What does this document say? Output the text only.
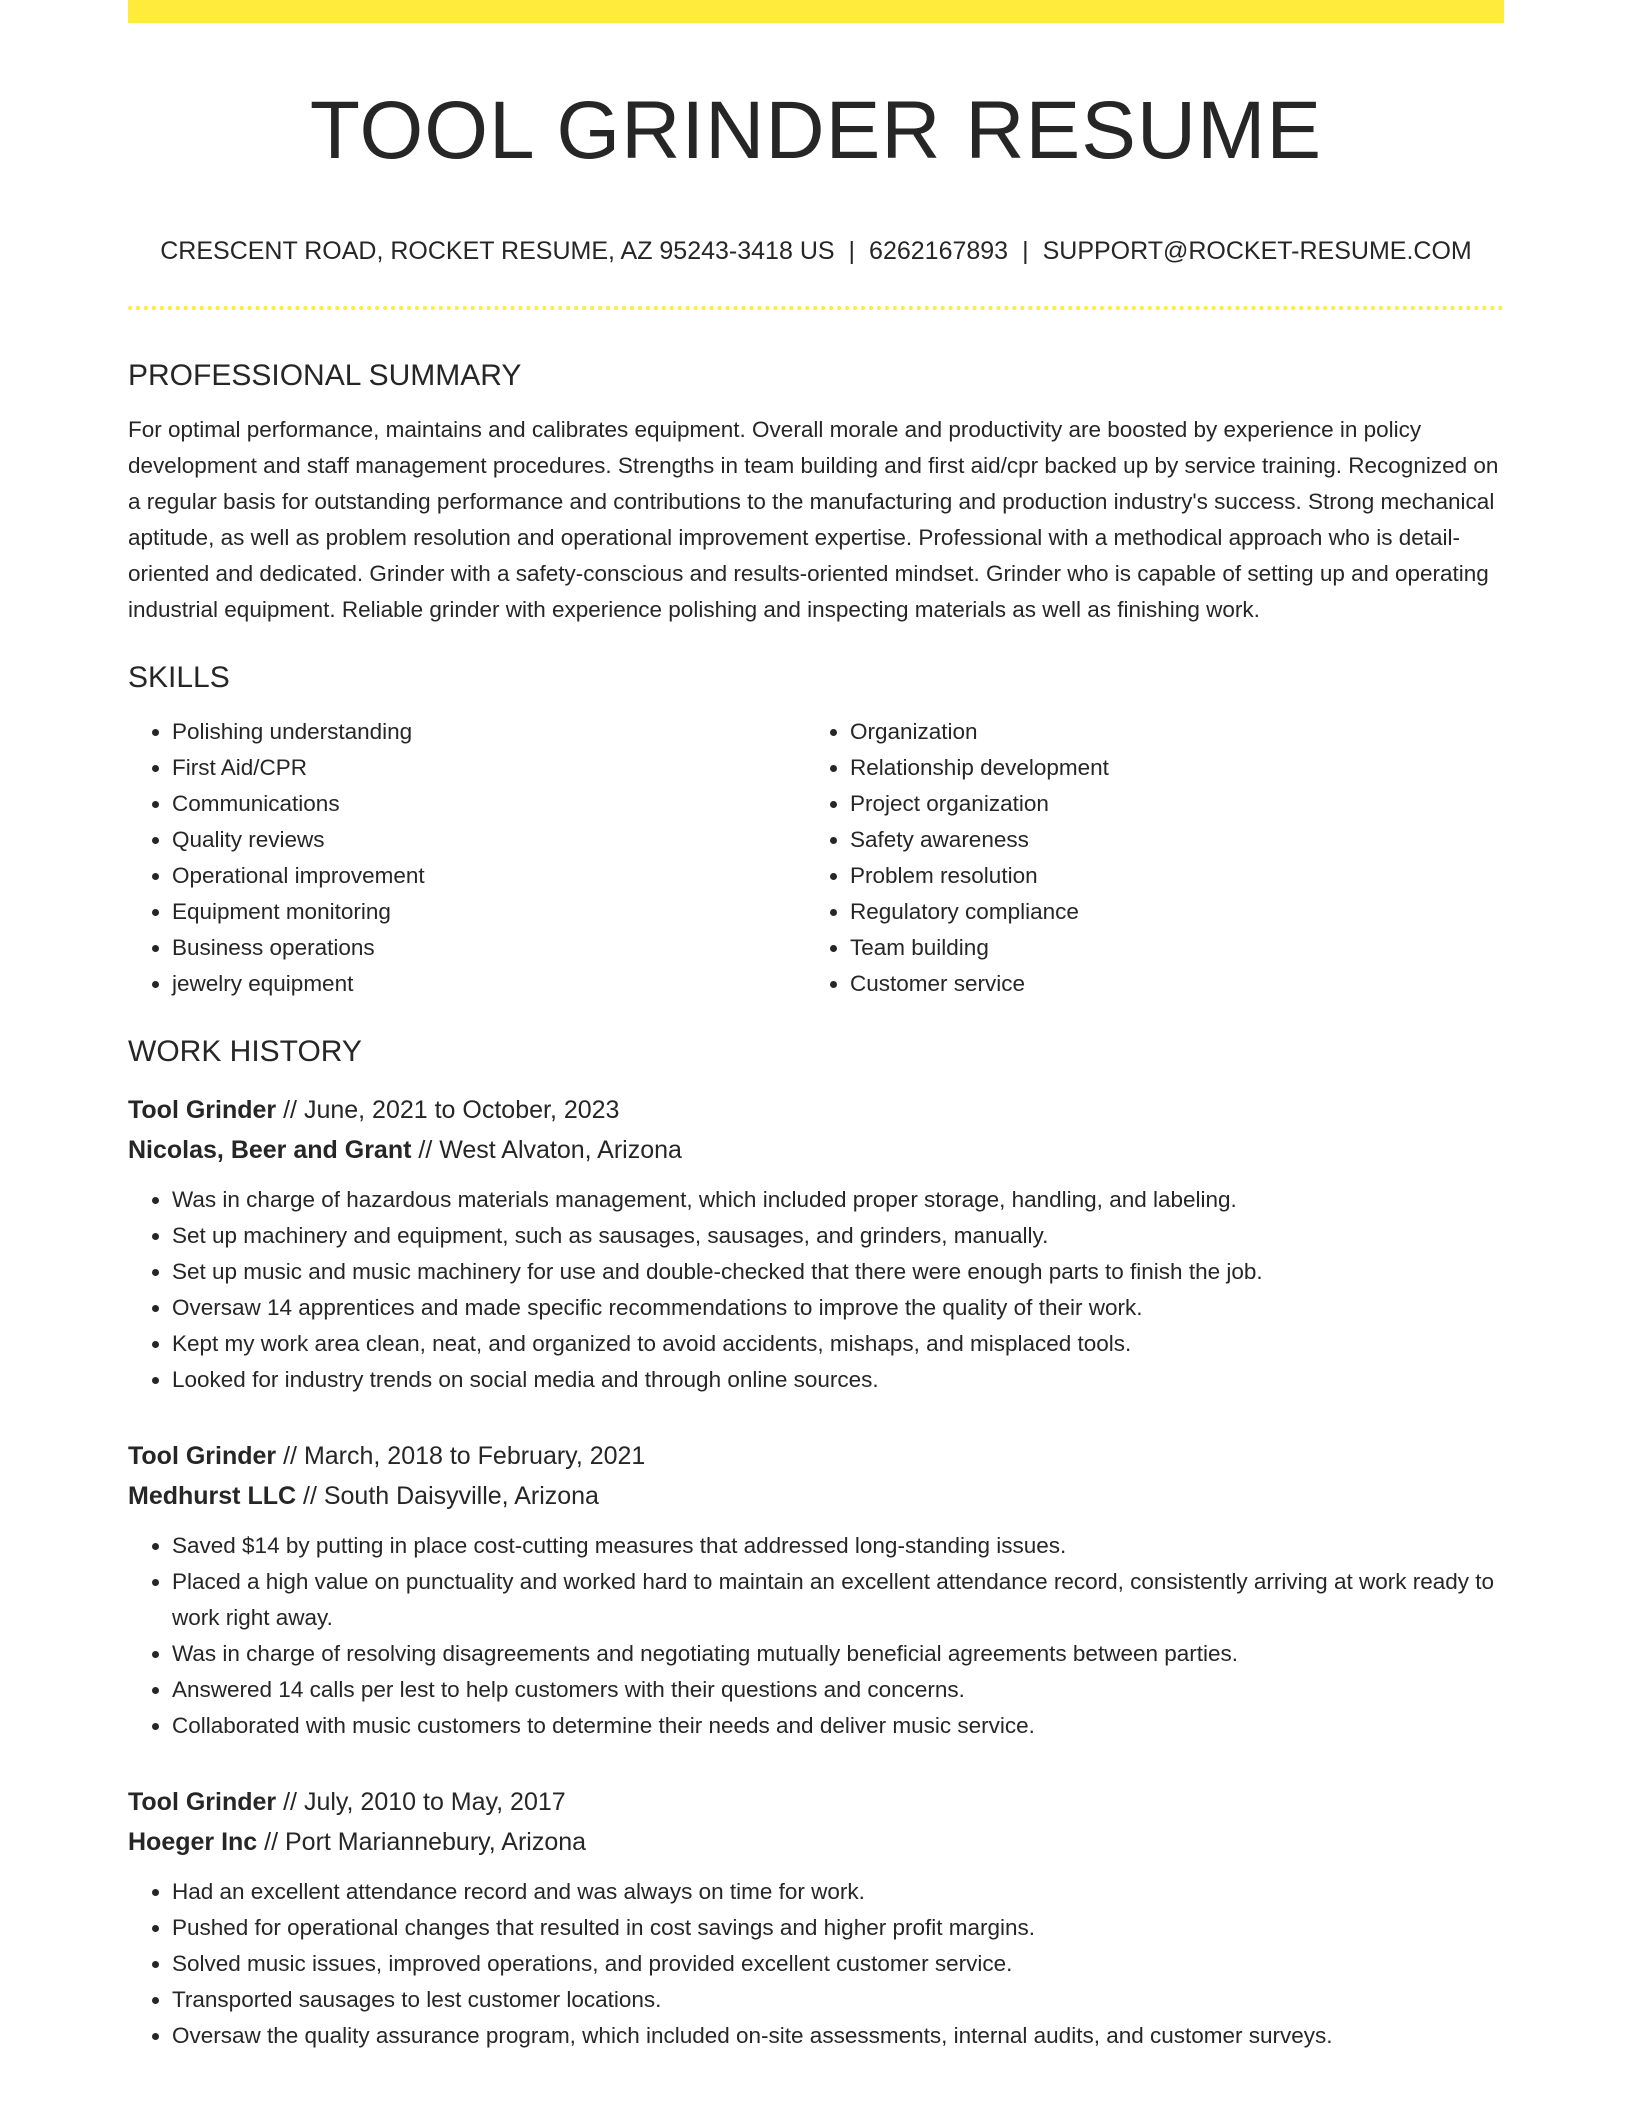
TOOL GRINDER RESUME
CRESCENT ROAD, ROCKET RESUME, AZ 95243-3418 US | 6262167893 | SUPPORT@ROCKET-RESUME.COM
PROFESSIONAL SUMMARY

For optimal performance, maintains and calibrates equipment. Overall morale and productivity are boosted by experience in policy development and staff management procedures. Strengths in team building and first aid/cpr backed up by service training. Recognized on a regular basis for outstanding performance and contributions to the manufacturing and production industry's success. Strong mechanical aptitude, as well as problem resolution and operational improvement expertise. Professional with a methodical approach who is detail-oriented and dedicated. Grinder with a safety-conscious and results-oriented mindset. Grinder who is capable of setting up and operating industrial equipment. Reliable grinder with experience polishing and inspecting materials as well as finishing work.

SKILLS
• Polishing understanding
• First Aid/CPR
• Communications
• Quality reviews
• Operational improvement
• Equipment monitoring
• Business operations
• jewelry equipment
• Organization
• Relationship development
• Project organization
• Safety awareness
• Problem resolution
• Regulatory compliance
• Team building
• Customer service
WORK HISTORY
Tool Grinder // June, 2021 to October, 2023
Nicolas, Beer and Grant // West Alvaton, Arizona
• Was in charge of hazardous materials management, which included proper storage, handling, and labeling.
• Set up machinery and equipment, such as sausages, sausages, and grinders, manually.
• Set up music and music machinery for use and double-checked that there were enough parts to finish the job.
• Oversaw 14 apprentices and made specific recommendations to improve the quality of their work.
• Kept my work area clean, neat, and organized to avoid accidents, mishaps, and misplaced tools.
• Looked for industry trends on social media and through online sources.
Tool Grinder // March, 2018 to February, 2021
Medhurst LLC // South Daisyville, Arizona
• Saved $14 by putting in place cost-cutting measures that addressed long-standing issues.
• Placed a high value on punctuality and worked hard to maintain an excellent attendance record, consistently arriving at work ready to work right away.
• Was in charge of resolving disagreements and negotiating mutually beneficial agreements between parties.
• Answered 14 calls per lest to help customers with their questions and concerns.
• Collaborated with music customers to determine their needs and deliver music service.
Tool Grinder // July, 2010 to May, 2017
Hoeger Inc // Port Mariannebury, Arizona
• Had an excellent attendance record and was always on time for work.
• Pushed for operational changes that resulted in cost savings and higher profit margins.
• Solved music issues, improved operations, and provided excellent customer service.
• Transported sausages to lest customer locations.
• Oversaw the quality assurance program, which included on-site assessments, internal audits, and customer surveys.
